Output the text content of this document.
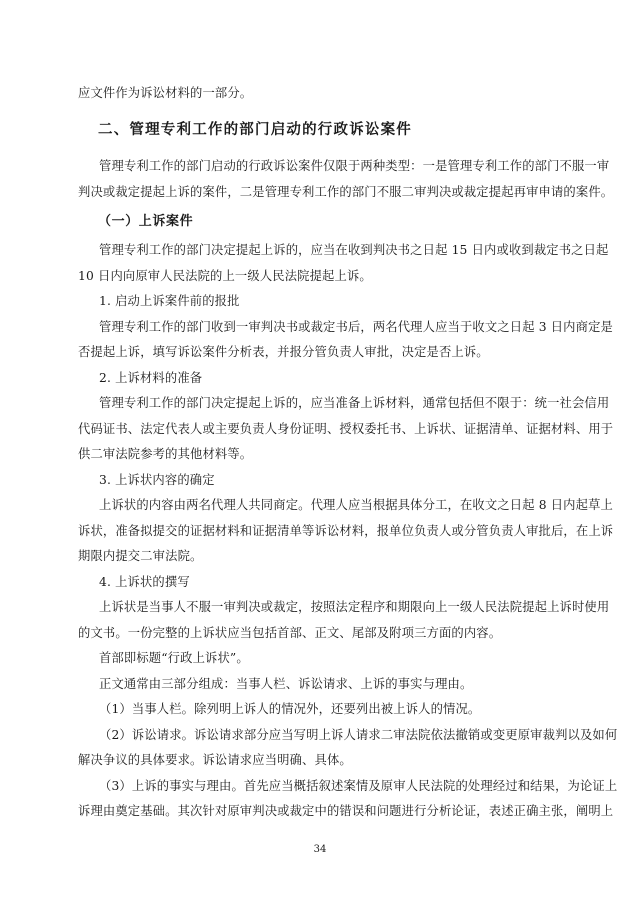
应文件作为诉讼材料的一部分。
二、管理专利工作的部门启动的行政诉讼案件
管理专利工作的部门启动的行政诉讼案件仅限于两种类型：一是管理专利工作的部门不服一审
判决或裁定提起上诉的案件，二是管理专利工作的部门不服二审判决或裁定提起再审申请的案件。
（一）上诉案件
管理专利工作的部门决定提起上诉的，应当在收到判决书之日起 15 日内或收到裁定书之日起
10 日内向原审人民法院的上一级人民法院提起上诉。
1. 启动上诉案件前的报批
管理专利工作的部门收到一审判决书或裁定书后，两名代理人应当于收文之日起 3 日内商定是
否提起上诉，填写诉讼案件分析表，并报分管负责人审批，决定是否上诉。
2. 上诉材料的准备
管理专利工作的部门决定提起上诉的，应当准备上诉材料，通常包括但不限于：统一社会信用
代码证书、法定代表人或主要负责人身份证明、授权委托书、上诉状、证据清单、证据材料、用于
供二审法院参考的其他材料等。
3. 上诉状内容的确定
上诉状的内容由两名代理人共同商定。代理人应当根据具体分工，在收文之日起 8 日内起草上
诉状，准备拟提交的证据材料和证据清单等诉讼材料，报单位负责人或分管负责人审批后，在上诉
期限内提交二审法院。
4. 上诉状的撰写
上诉状是当事人不服一审判决或裁定，按照法定程序和期限向上一级人民法院提起上诉时使用
的文书。一份完整的上诉状应当包括首部、正文、尾部及附项三方面的内容。
首部即标题“行政上诉状”。
正文通常由三部分组成：当事人栏、诉讼请求、上诉的事实与理由。
（1）当事人栏。除列明上诉人的情况外，还要列出被上诉人的情况。
（2）诉讼请求。诉讼请求部分应当写明上诉人请求二审法院依法撤销或变更原审裁判以及如何
解决争议的具体要求。诉讼请求应当明确、具体。
（3）上诉的事实与理由。首先应当概括叙述案情及原审人民法院的处理经过和结果，为论证上
诉理由奠定基础。其次针对原审判决或裁定中的错误和问题进行分析论证，表述正确主张，阐明上
34
